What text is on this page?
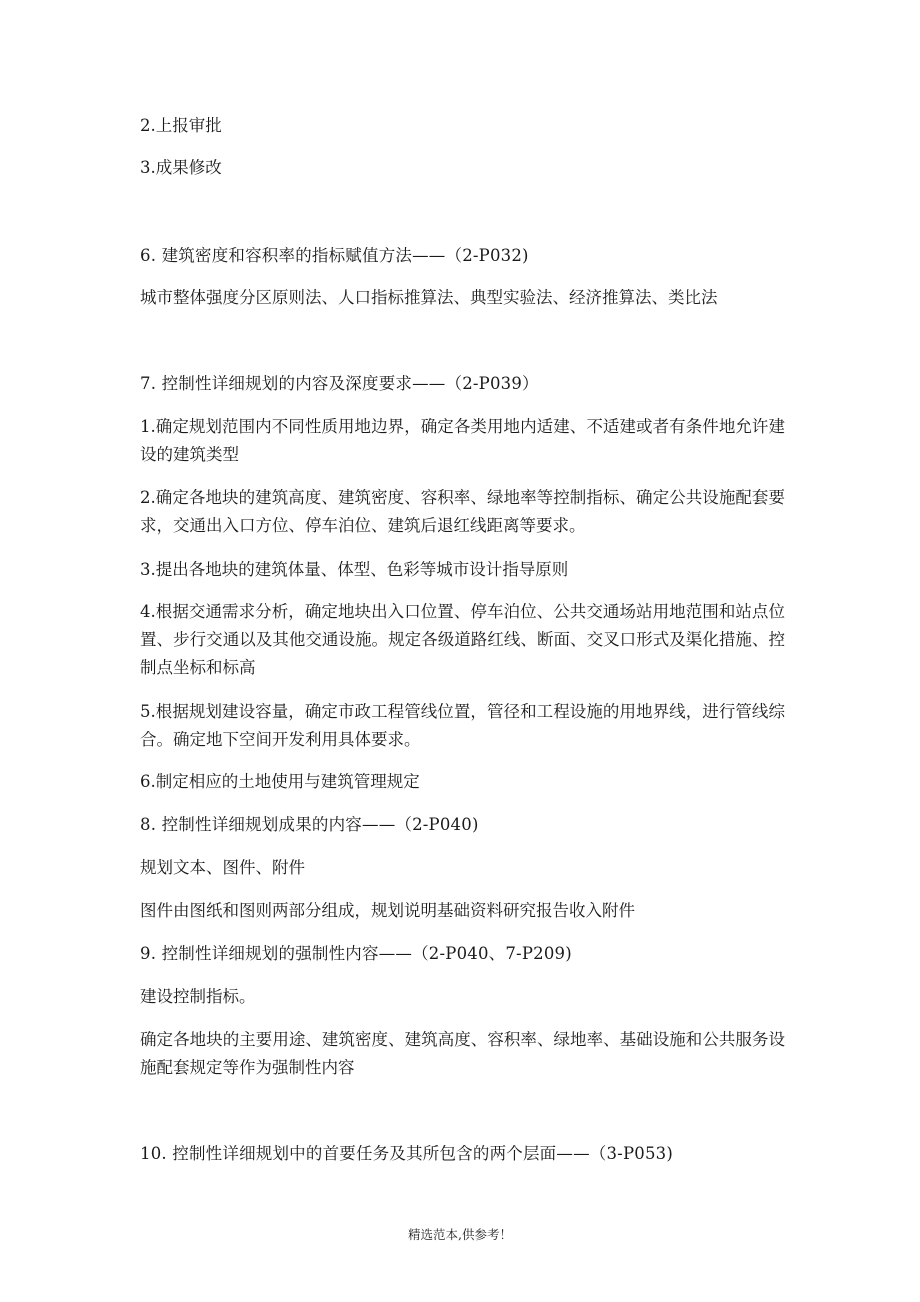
2.上报审批
3.成果修改
6. 建筑密度和容积率的指标赋值方法——（2-P032)
城市整体强度分区原则法、人口指标推算法、典型实验法、经济推算法、类比法
7. 控制性详细规划的内容及深度要求——（2-P039）
1.确定规划范围内不同性质用地边界，确定各类用地内适建、不适建或者有条件地允许建设的建筑类型
2.确定各地块的建筑高度、建筑密度、容积率、绿地率等控制指标、确定公共设施配套要求，交通出入口方位、停车泊位、建筑后退红线距离等要求。
3.提出各地块的建筑体量、体型、色彩等城市设计指导原则
4.根据交通需求分析，确定地块出入口位置、停车泊位、公共交通场站用地范围和站点位置、步行交通以及其他交通设施。规定各级道路红线、断面、交叉口形式及渠化措施、控制点坐标和标高
5.根据规划建设容量，确定市政工程管线位置，管径和工程设施的用地界线，进行管线综合。确定地下空间开发利用具体要求。
6.制定相应的土地使用与建筑管理规定
8. 控制性详细规划成果的内容——（2-P040)
规划文本、图件、附件
图件由图纸和图则两部分组成，规划说明基础资料研究报告收入附件
9. 控制性详细规划的强制性内容——（2-P040、7-P209)
建设控制指标。
确定各地块的主要用途、建筑密度、建筑高度、容积率、绿地率、基础设施和公共服务设施配套规定等作为强制性内容
10. 控制性详细规划中的首要任务及其所包含的两个层面——（3-P053)
精选范本,供参考！
